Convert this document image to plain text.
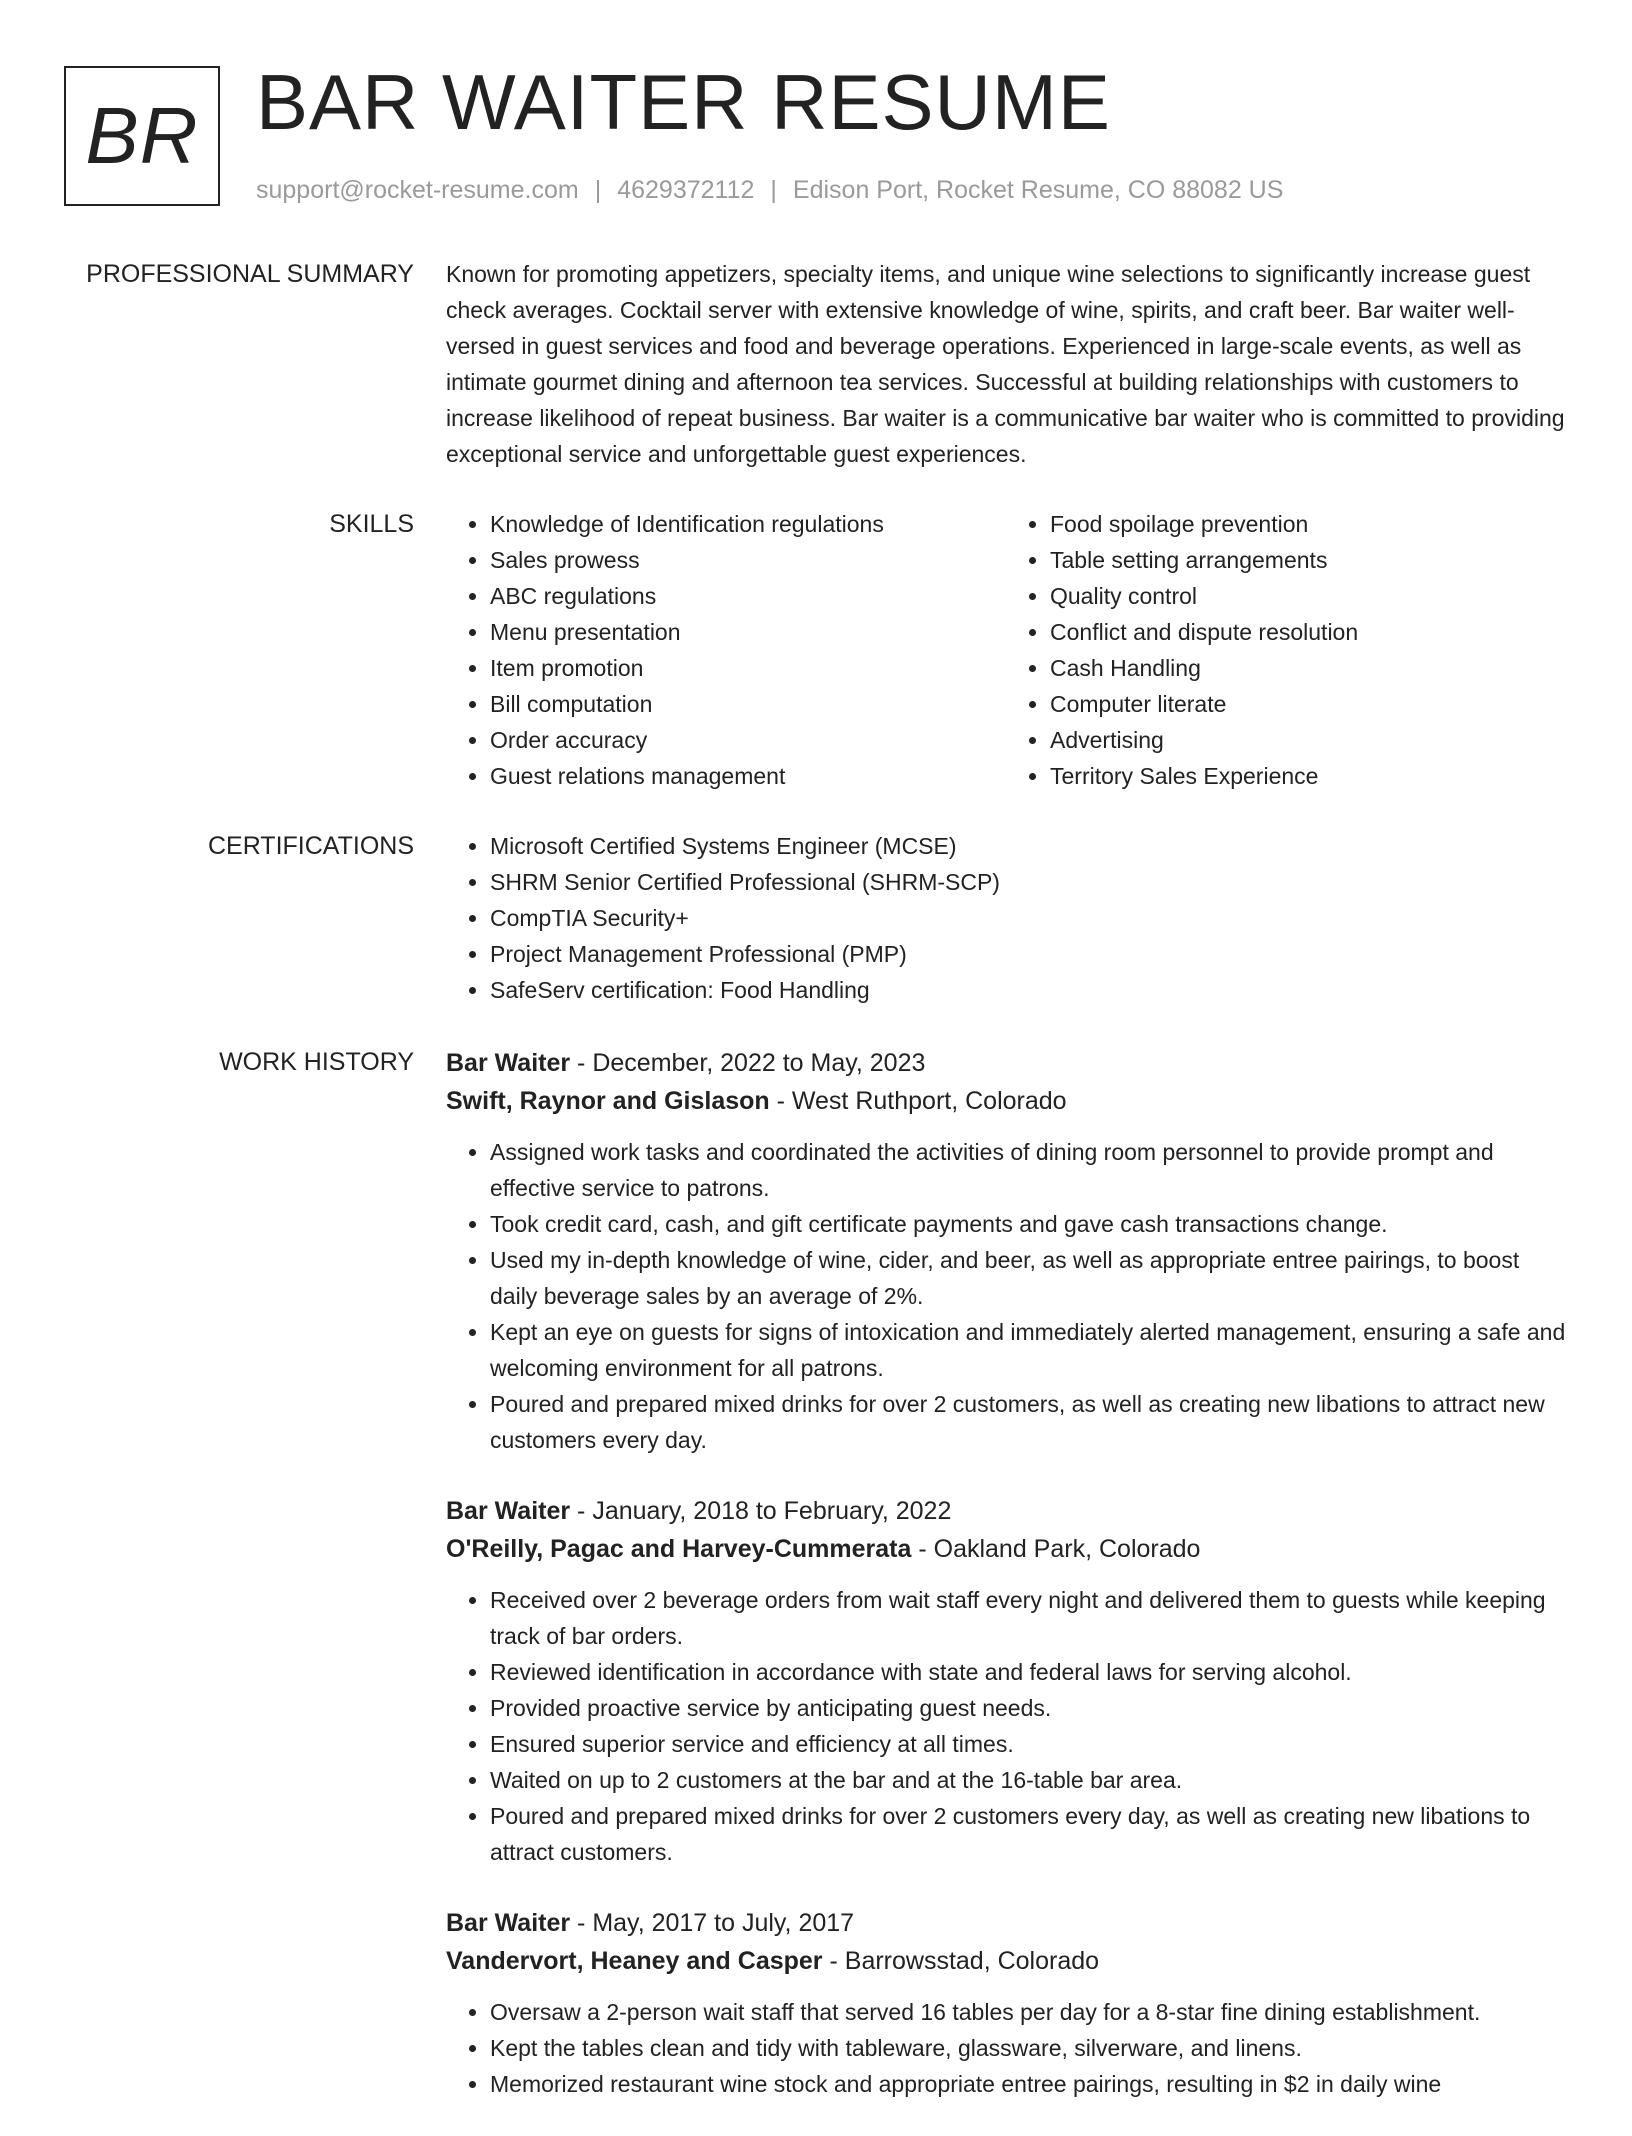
BR BAR WAITER RESUME
support@rocket-resume.com | 4629372112 | Edison Port, Rocket Resume, CO 88082 US
PROFESSIONAL SUMMARY Known for promoting appetizers, specialty items, and unique wine selections to significantly increase guest check averages. Cocktail server with extensive knowledge of wine, spirits, and craft beer. Bar waiter well-versed in guest services and food and beverage operations. Experienced in large-scale events, as well as intimate gourmet dining and afternoon tea services. Successful at building relationships with customers to increase likelihood of repeat business. Bar waiter is a communicative bar waiter who is committed to providing exceptional service and unforgettable guest experiences.

SKILLS	• Knowledge of Identification regulations
• Sales prowess
• ABC regulations
• Menu presentation
• Item promotion
• Bill computation
• Order accuracy
• Guest relations management
• Food spoilage prevention
• Table setting arrangements
• Quality control
• Conflict and dispute resolution
• Cash Handling
• Computer literate
• Advertising
• Territory Sales Experience
CERTIFICATIONS	• Microsoft Certified Systems Engineer (MCSE)
• SHRM Senior Certified Professional (SHRM-SCP)
• CompTIA Security+
• Project Management Professional (PMP)
• SafeServ certification: Food Handling
WORK HISTORY Bar Waiter - December, 2022 to May, 2023
Swift, Raynor and Gislason - West Ruthport, Colorado
• Assigned work tasks and coordinated the activities of dining room personnel to provide prompt and effective service to patrons.
• Took credit card, cash, and gift certificate payments and gave cash transactions change.
• Used my in-depth knowledge of wine, cider, and beer, as well as appropriate entree pairings, to boost daily beverage sales by an average of 2%.
• Kept an eye on guests for signs of intoxication and immediately alerted management, ensuring a safe and welcoming environment for all patrons.
• Poured and prepared mixed drinks for over 2 customers, as well as creating new libations to attract new customers every day.
Bar Waiter - January, 2018 to February, 2022
O'Reilly, Pagac and Harvey-Cummerata - Oakland Park, Colorado
• Received over 2 beverage orders from wait staff every night and delivered them to guests while keeping track of bar orders.
• Reviewed identification in accordance with state and federal laws for serving alcohol.
• Provided proactive service by anticipating guest needs.
• Ensured superior service and efficiency at all times.
• Waited on up to 2 customers at the bar and at the 16-table bar area.
• Poured and prepared mixed drinks for over 2 customers every day, as well as creating new libations to attract customers.
Bar Waiter - May, 2017 to July, 2017
Vandervort, Heaney and Casper - Barrowsstad, Colorado
• Oversaw a 2-person wait staff that served 16 tables per day for a 8-star fine dining establishment.
• Kept the tables clean and tidy with tableware, glassware, silverware, and linens.
• Memorized restaurant wine stock and appropriate entree pairings, resulting in $2 in daily wine
